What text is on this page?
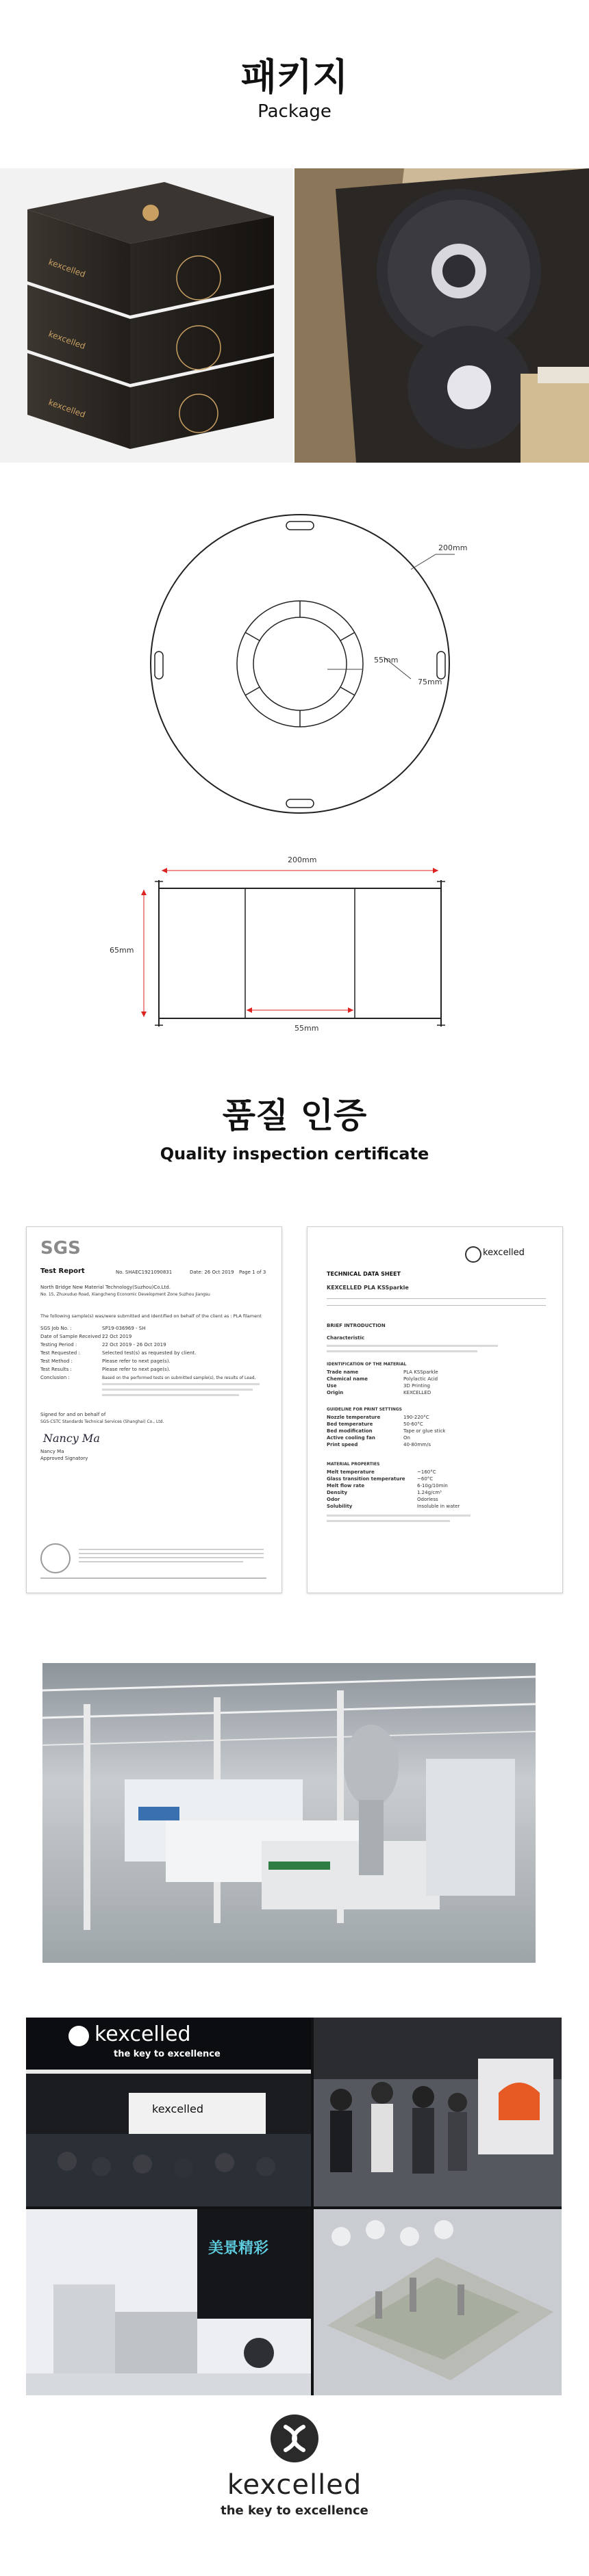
패키지
Package
kexcelled
kexcelled
kexcelled
200mm
55mm
75mm
200mm
65mm
55mm
품질 인증
Quality inspection certificate
SGS
Test Report	No. SHAEC1921090831	Date: 26 Oct 2019 Page 1 of 3
North Bridge New Material Technology(Suzhou)Co.Ltd.
No. 15, Zhuxuduo Road, Xiangcheng Economic Development Zone Suzhou Jiangsu
The following sample(s) was/were submitted and identified on behalf of the client as : PLA filament
SGS Job No. :	SP19-036969 - SH
Date of Sample Received :
22 Oct 2019
Testing Period :	22 Oct 2019 - 26 Oct 2019
Test Requested :	Selected test(s) as requested by client.
Test Method :	Please refer to next page(s).
Test Results :	Please refer to next page(s).
Conclusion :	Based on the performed tests on submitted sample(s), the results of Lead,
Signed for and on behalf of
SGS-CSTC Standards Technical Services (Shanghai) Co., Ltd.
Nancy Ma
Nancy Ma
Approved Signatory
kexcelled
TECHNICAL DATA SHEET
KEXCELLED PLA KSSparkle
BRIEF INTRODUCTION
Characteristic
IDENTIFICATION OF THE MATERIAL
Trade name	PLA KSSparkle
Chemical name	Polylactic Acid
Use	3D Printing
Origin	KEXCELLED
GUIDELINE FOR PRINT SETTINGS
Nozzle temperature	190-220°C
Bed temperature	50-60°C
Bed modification	Tape or glue stick
Active cooling fan	On
Print speed	40-80mm/s
MATERIAL PROPERTIES
Melt temperature	~160°C
Glass transition temperature ~60°C
Melt flow rate	6-10g/10min
Density	1.24g/cm³
Odor	Odorless
Solubility	Insoluble in water
kexcelled
the key to excellence
kexcelled
美景精彩
kexcelled
the key to excellence
